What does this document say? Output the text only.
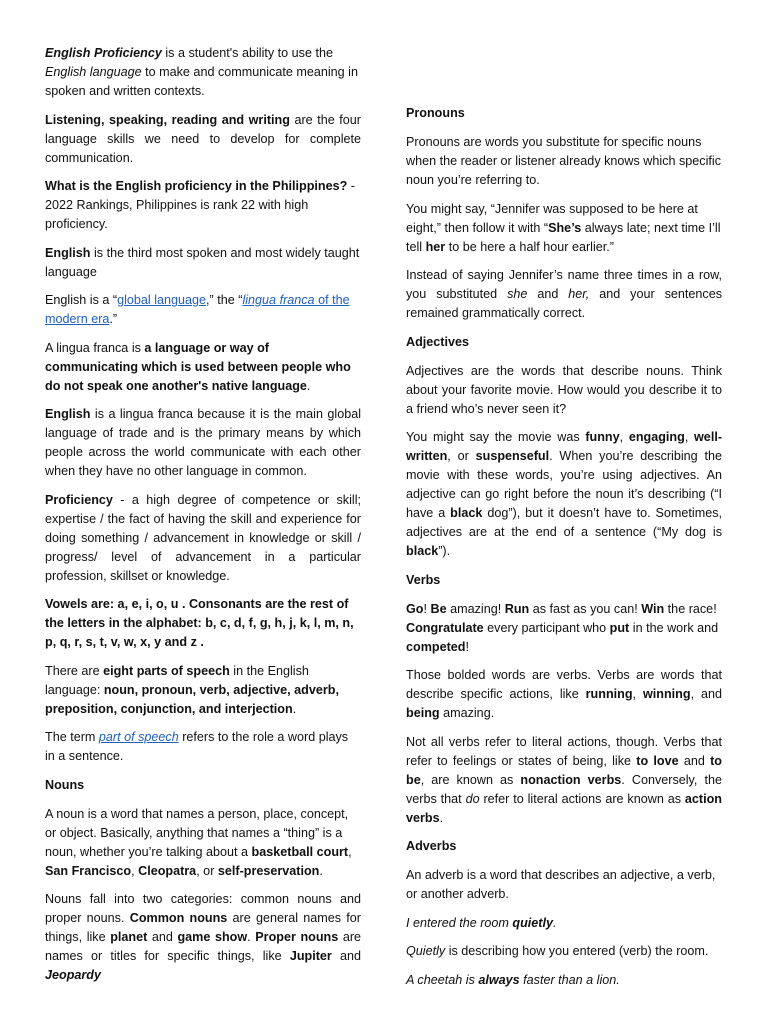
English Proficiency is a student's ability to use the English language to make and communicate meaning in spoken and written contexts.

Listening, speaking, reading and writing are the four language skills we need to develop for complete communication.

What is the English proficiency in the Philippines? - 2022 Rankings, Philippines is rank 22 with high proficiency.

English is the third most spoken and most widely taught language

English is a “global language,” the “lingua franca of the modern era.”

A lingua franca is a language or way of communicating which is used between people who do not speak one another's native language.

English is a lingua franca because it is the main global language of trade and is the primary means by which people across the world communicate with each other when they have no other language in common.

Proficiency - a high degree of competence or skill; expertise / the fact of having the skill and experience for doing something / advancement in knowledge or skill / progress/ level of advancement in a particular profession, skillset or knowledge.

Vowels are: a, e, i, o, u . Consonants are the rest of the letters in the alphabet: b, c, d, f, g, h, j, k, l, m, n, p, q, r, s, t, v, w, x, y and z .

There are eight parts of speech in the English language: noun, pronoun, verb, adjective, adverb, preposition, conjunction, and interjection.

The term part of speech refers to the role a word plays in a sentence.

Nouns

A noun is a word that names a person, place, concept, or object. Basically, anything that names a “thing” is a noun, whether you’re talking about a basketball court, San Francisco, Cleopatra, or self-preservation.

Nouns fall into two categories: common nouns and proper nouns. Common nouns are general names for things, like planet and game show. Proper nouns are names or titles for specific things, like Jupiter and Jeopardy

Pronouns

Pronouns are words you substitute for specific nouns when the reader or listener already knows which specific noun you’re referring to.

You might say, “Jennifer was supposed to be here at eight,” then follow it with “She’s always late; next time I’ll tell her to be here a half hour earlier.”

Instead of saying Jennifer’s name three times in a row, you substituted she and her, and your sentences remained grammatically correct.

Adjectives

Adjectives are the words that describe nouns. Think about your favorite movie. How would you describe it to a friend who’s never seen it?

You might say the movie was funny, engaging, well-written, or suspenseful. When you’re describing the movie with these words, you’re using adjectives. An adjective can go right before the noun it’s describing (“I have a black dog”), but it doesn’t have to. Sometimes, adjectives are at the end of a sentence (“My dog is black”).

Verbs

Go! Be amazing! Run as fast as you can! Win the race! Congratulate every participant who put in the work and competed!

Those bolded words are verbs. Verbs are words that describe specific actions, like running, winning, and being amazing.

Not all verbs refer to literal actions, though. Verbs that refer to feelings or states of being, like to love and to be, are known as nonaction verbs. Conversely, the verbs that do refer to literal actions are known as action verbs.

Adverbs

An adverb is a word that describes an adjective, a verb, or another adverb.

I entered the room quietly.

Quietly is describing how you entered (verb) the room.

A cheetah is always faster than a lion.
